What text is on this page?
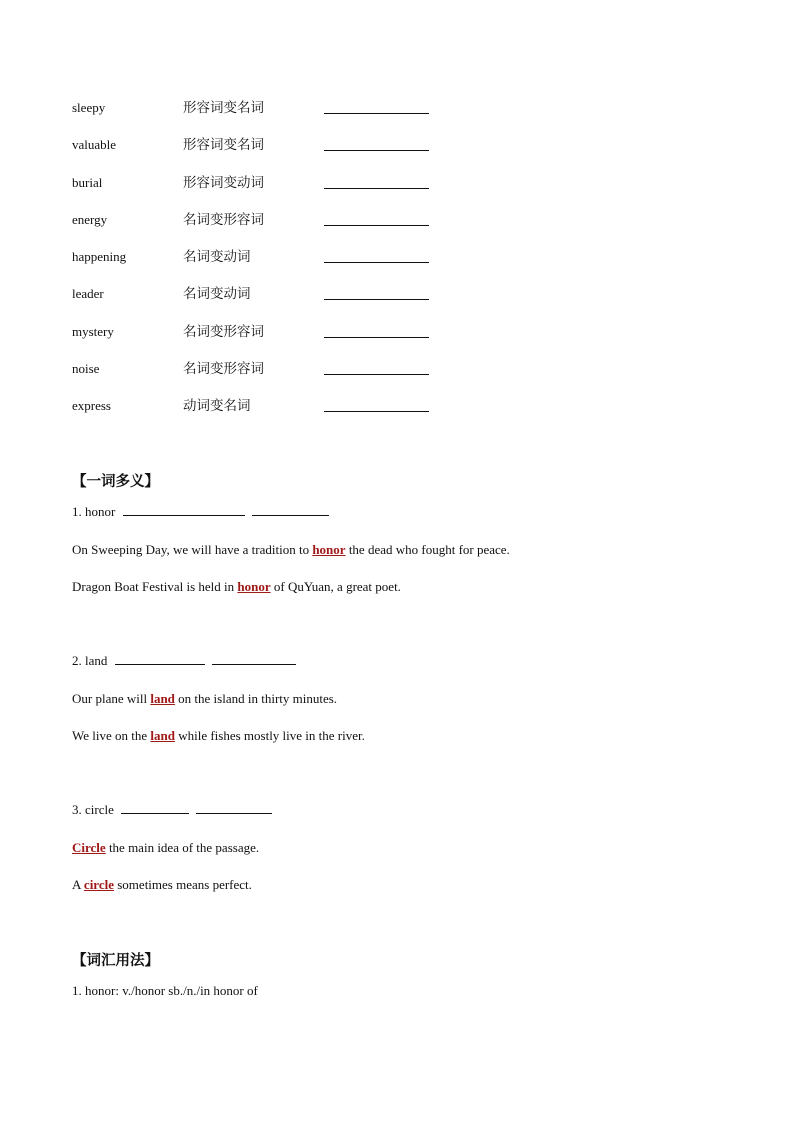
sleepy	形容词变名词
valuable	形容词变名词
burial	形容词变动词
energy	名词变形容词
happening	名词变动词
leader	名词变动词
mystery	名词变形容词
noise	名词变形容词
express	动词变名词
【一词多义】
1. honor
On Sweeping Day, we will have a tradition to honor the dead who fought for peace.
Dragon Boat Festival is held in honor of QuYuan, a great poet.
2. land
Our plane will land on the island in thirty minutes.
We live on the land while fishes mostly live in the river.
3. circle
Circle the main idea of the passage.
A circle sometimes means perfect.
【词汇用法】
1. honor: v./honor sb./n./in honor of
